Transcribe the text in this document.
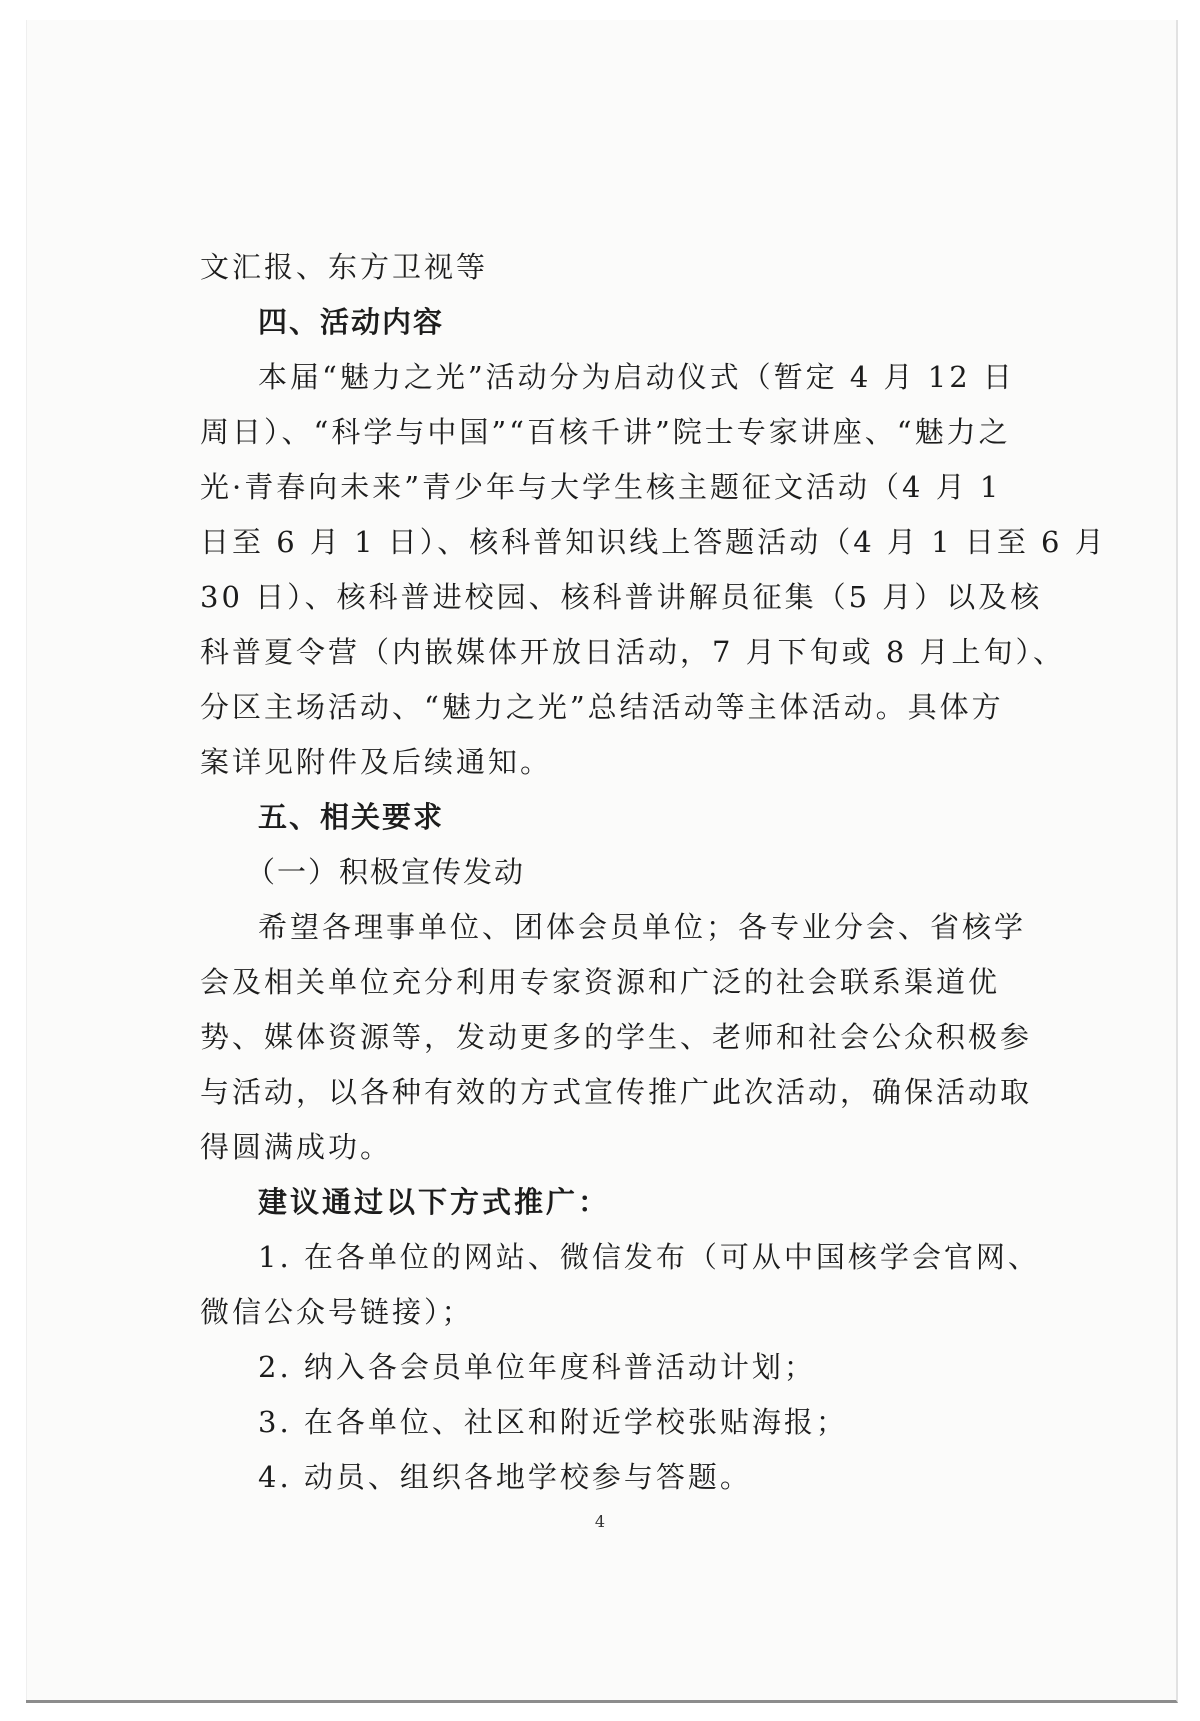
文汇报、东方卫视等
四、活动内容
本届“魅力之光”活动分为启动仪式（暂定 4 月 12 日
周日）、“科学与中国”“百核千讲”院士专家讲座、“魅力之
光·青春向未来”青少年与大学生核主题征文活动（4 月 1
日至 6 月 1 日）、核科普知识线上答题活动（4 月 1 日至 6 月
30 日）、核科普进校园、核科普讲解员征集（5 月）以及核
科普夏令营（内嵌媒体开放日活动，7 月下旬或 8 月上旬）、
分区主场活动、“魅力之光”总结活动等主体活动。具体方
案详见附件及后续通知。
五、相关要求
（一）积极宣传发动
希望各理事单位、团体会员单位；各专业分会、省核学
会及相关单位充分利用专家资源和广泛的社会联系渠道优
势、媒体资源等，发动更多的学生、老师和社会公众积极参
与活动，以各种有效的方式宣传推广此次活动，确保活动取
得圆满成功。
建议通过以下方式推广：
1. 在各单位的网站、微信发布（可从中国核学会官网、
微信公众号链接）；
2. 纳入各会员单位年度科普活动计划；
3. 在各单位、社区和附近学校张贴海报；
4. 动员、组织各地学校参与答题。
4
